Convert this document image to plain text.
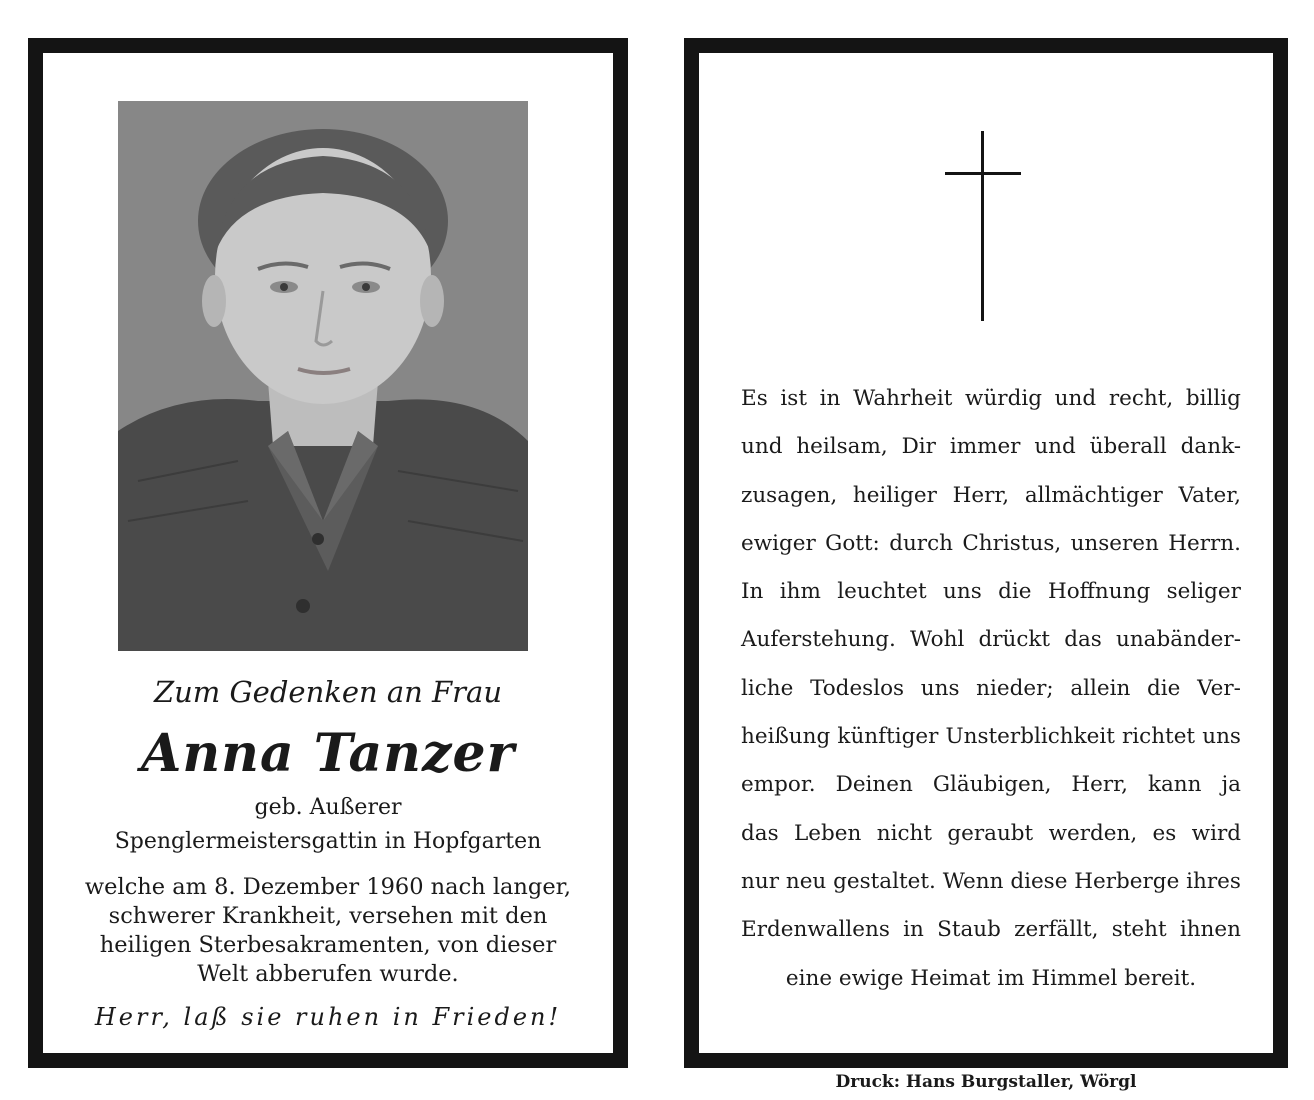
Zum Gedenken an Frau
Anna Tanzer
geb. Außerer
Spenglermeistersgattin in Hopfgarten
welche am 8. Dezember 1960 nach langer, schwerer Krankheit, versehen mit den heiligen Sterbesakramenten, von dieser Welt abberufen wurde.
Herr, laß sie ruhen in Frieden!
Es ist in Wahrheit würdig und recht, billig
und heilsam, Dir immer und überall dank-
zusagen, heiliger Herr, allmächtiger Vater,
ewiger Gott: durch Christus, unseren Herrn.
In ihm leuchtet uns die Hoffnung seliger
Auferstehung. Wohl drückt das unabänder-
liche Todeslos uns nieder; allein die Ver-
heißung künftiger Unsterblichkeit richtet uns
empor. Deinen Gläubigen, Herr, kann ja
das Leben nicht geraubt werden, es wird
nur neu gestaltet. Wenn diese Herberge ihres
Erdenwallens in Staub zerfällt, steht ihnen
eine ewige Heimat im Himmel bereit.
Druck: Hans Burgstaller, Wörgl
